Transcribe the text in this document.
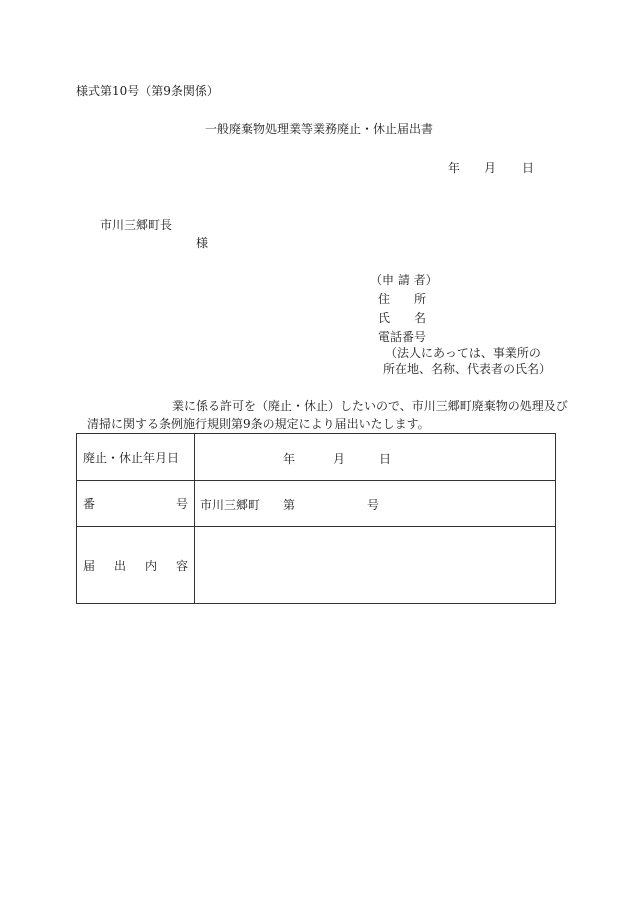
様式第10号（第9条関係）
一般廃棄物処理業等業務廃止・休止届出書
年 月 日
市川三郷町長
様
（申 請 者）
住 所
氏 名
電話番号
（法人にあっては、事業所の
所在地、名称、代表者の氏名）
業に係る許可を（廃止・休止）したいので、市川三郷町廃棄物の処理及び
清掃に関する条例施行規則第9条の規定により届出いたします。
廃止・休止年月日	年 月 日

番 号	市川三郷町 第 号

届 出 内 容	
